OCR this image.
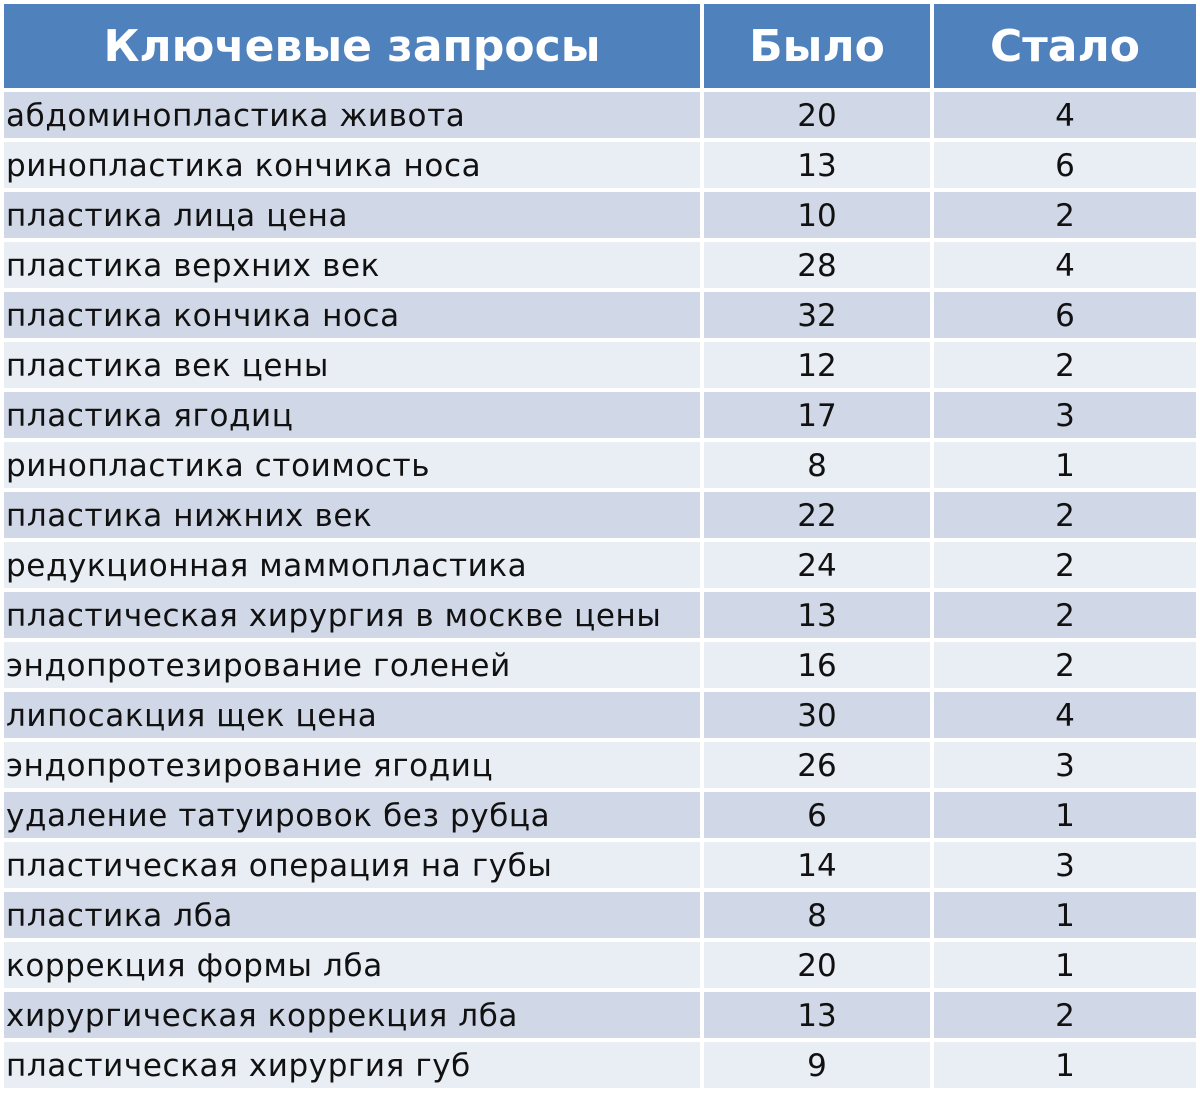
Ключевые запросы	Было	Стало
абдоминопластика живота	20	4
ринопластика кончика носа	13	6
пластика лица цена	10	2
пластика верхних век	28	4
пластика кончика носа	32	6
пластика век цены	12	2
пластика ягодиц	17	3
ринопластика стоимость	8	1
пластика нижних век	22	2
редукционная маммопластика	24	2
пластическая хирургия в москве цены	13	2
эндопротезирование голеней	16	2
липосакция щек цена	30	4
эндопротезирование ягодиц	26	3
удаление татуировок без рубца	6	1
пластическая операция на губы	14	3
пластика лба	8	1
коррекция формы лба	20	1
хирургическая коррекция лба	13	2
пластическая хирургия губ	9	1
